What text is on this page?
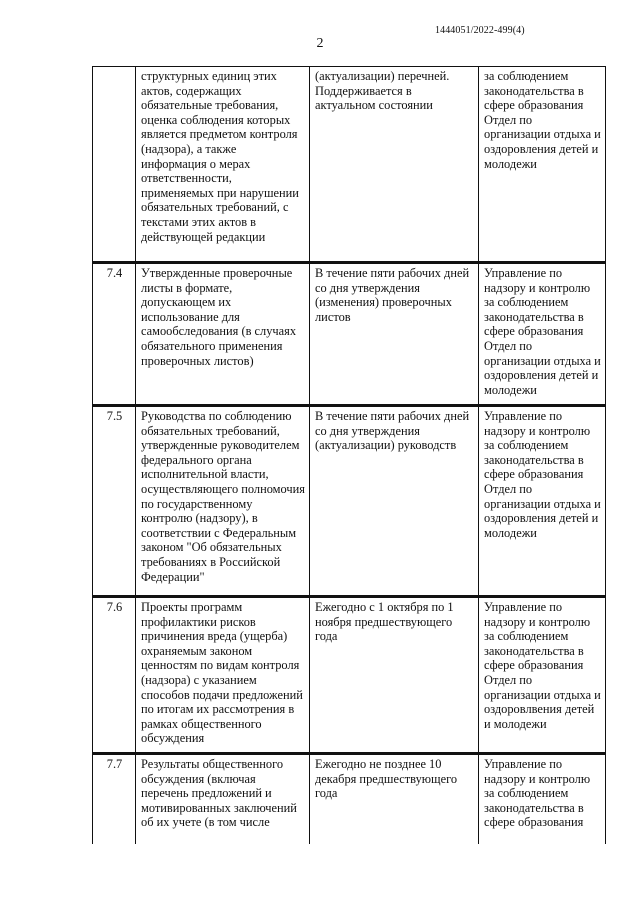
1444051/2022-499(4)
2
	структурных единиц этих актов, содержащих обязательные требования, оценка соблюдения которых является предметом контроля (надзора), а также информация о мерах ответственности, применяемых при нарушении обязательных требований, с текстами этих актов в действующей редакции	(актуализации) перечней. Поддерживается в актуальном состоянии	за соблюдением законодательства в сфере образования Отдел по организации отдыха и оздоровления детей и молодежи
7.4	Утвержденные проверочные листы в формате, допускающем их использование для самообследования (в случаях обязательного применения проверочных листов)	В течение пяти рабочих дней со дня утверждения (изменения) проверочных листов	Управление по надзору и контролю за соблюдением законодательства в сфере образования Отдел по организации отдыха и оздоровления детей и молодежи
7.5	Руководства по соблюдению обязательных требований, утвержденные руководителем федерального органа исполнительной власти, осуществляющего полномочия по государственному контролю (надзору), в соответствии с Федеральным законом "Об обязательных требованиях в Российской Федерации"	В течение пяти рабочих дней со дня утверждения (актуализации) руководств	Управление по надзору и контролю за соблюдением законодательства в сфере образования Отдел по организации отдыха и оздоровления детей и молодежи
7.6	Проекты программ профилактики рисков причинения вреда (ущерба) охраняемым законом ценностям по видам контроля (надзора) с указанием способов подачи предложений по итогам их рассмотрения в рамках общественного обсуждения	Ежегодно с 1 октября по 1 ноября предшествующего года	Управление по надзору и контролю за соблюдением законодательства в сфере образования Отдел по организации отдыха и оздоровлвения детей и молодежи
7.7	Результаты общественного обсуждения (включая перечень предложений и мотивированных заключений об их учете (в том числе	Ежегодно не позднее 10 декабря предшествующего года	Управление по надзору и контролю за соблюдением законодательства в сфере образования
